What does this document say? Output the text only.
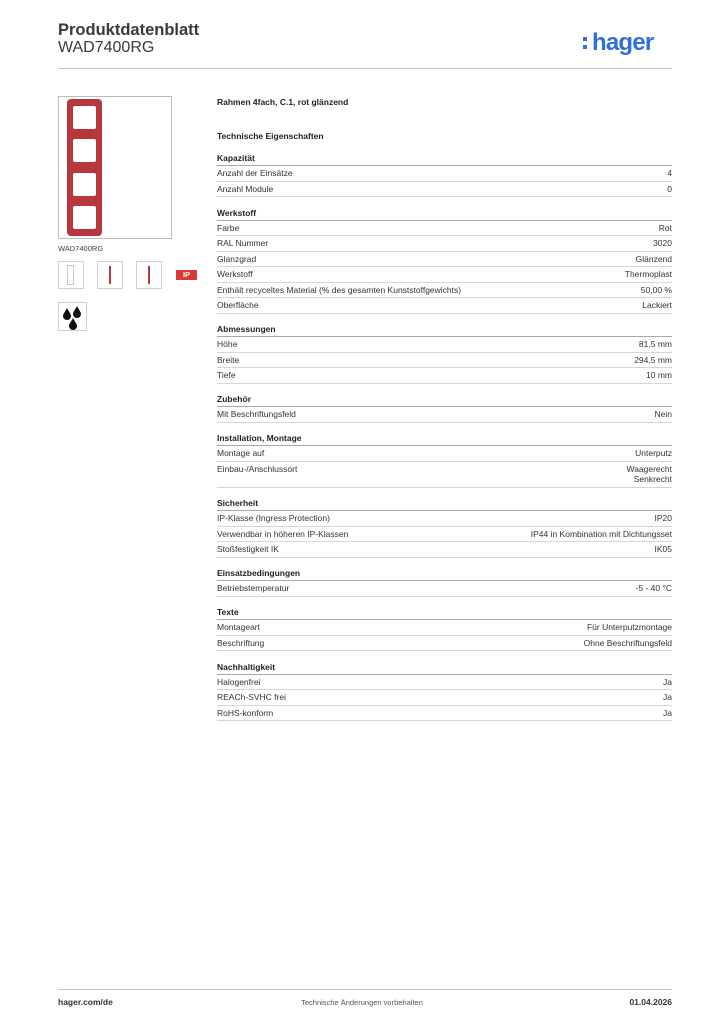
Produktdatenblatt
WAD7400RG	hager
WAD7400RG
IP
Rahmen 4fach, C.1, rot glänzend
Technische Eigenschaften
Kapazität
Anzahl der Einsätze	4
Anzahl Module	0
Werkstoff
Farbe	Rot
RAL Nummer	3020
Glanzgrad	Glänzend
Werkstoff	Thermoplast
Enthält recyceltes Material (% des gesamten Kunststoffgewichts)	50,00 %
Oberfläche	Lackiert
Abmessungen
Höhe	81,5 mm
Breite	294,5 mm
Tiefe	10 mm
Zubehör
Mit Beschriftungsfeld	Nein
Installation, Montage
Montage auf	Unterputz
Einbau-/Anschlussort	Waagerecht
Senkrecht
Sicherheit
IP-Klasse (Ingress Protection)	IP20
Verwendbar in höheren IP-Klassen	IP44 in Kombination mit Dichtungsset
Stoßfestigkeit IK	IK05
Einsatzbedingungen
Betriebstemperatur	-5 - 40 °C
Texte
Montageart	Für Unterputzmontage
Beschriftung	Ohne Beschriftungsfeld
Nachhaltigkeit
Halogenfrei	Ja
REACh-SVHC frei	Ja
RoHS-konform	Ja
hager.com/de	Technische Änderungen vorbehalten	01.04.2026
